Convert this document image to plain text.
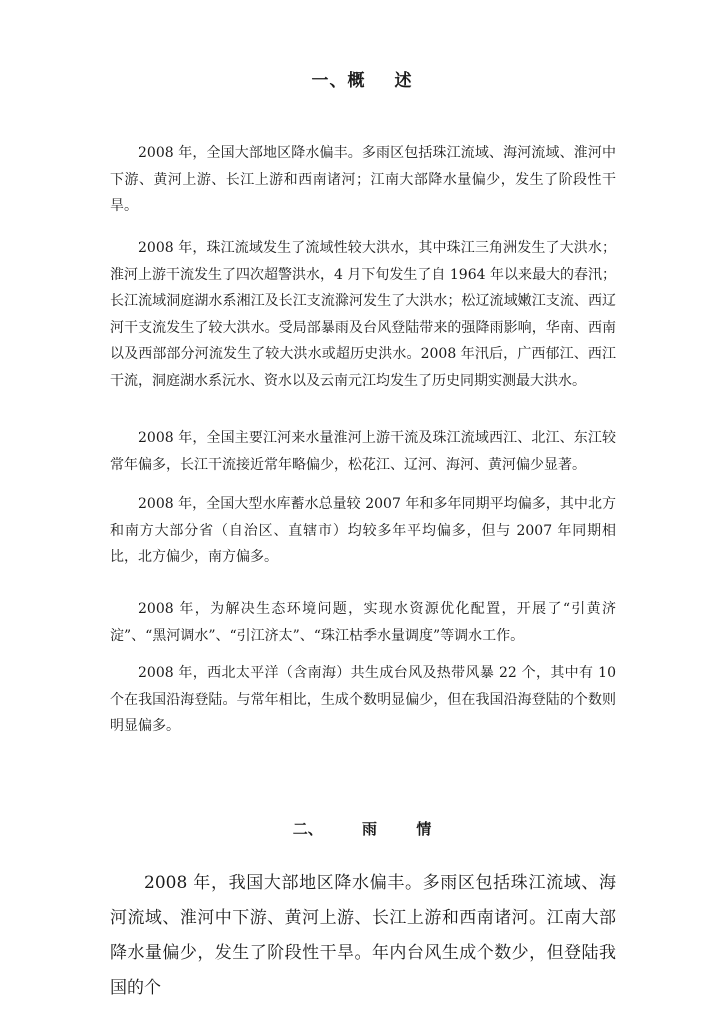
一、概 述

2008 年，全国大部地区降水偏丰。多雨区包括珠江流域、海河流域、淮河中下游、黄河上游、长江上游和西南诸河；江南大部降水量偏少，发生了阶段性干旱。

2008 年，珠江流域发生了流域性较大洪水，其中珠江三角洲发生了大洪水；淮河上游干流发生了四次超警洪水，4 月下旬发生了自 1964 年以来最大的春汛；长江流域洞庭湖水系湘江及长江支流滁河发生了大洪水；松辽流域嫩江支流、西辽河干支流发生了较大洪水。受局部暴雨及台风登陆带来的强降雨影响，华南、西南以及西部部分河流发生了较大洪水或超历史洪水。2008 年汛后，广西郁江、西江干流，洞庭湖水系沅水、资水以及云南元江均发生了历史同期实测最大洪水。

2008 年，全国主要江河来水量淮河上游干流及珠江流域西江、北江、东江较常年偏多，长江干流接近常年略偏少，松花江、辽河、海河、黄河偏少显著。

2008 年，全国大型水库蓄水总量较 2007 年和多年同期平均偏多，其中北方和南方大部分省（自治区、直辖市）均较多年平均偏多，但与 2007 年同期相比，北方偏少，南方偏多。

2008 年，为解决生态环境问题，实现水资源优化配置，开展了“引黄济淀”、“黑河调水”、“引江济太”、“珠江枯季水量调度”等调水工作。

2008 年，西北太平洋（含南海）共生成台风及热带风暴 22 个，其中有 10 个在我国沿海登陆。与常年相比，生成个数明显偏少，但在我国沿海登陆的个数则明显偏多。

二、 雨 情

2008 年，我国大部地区降水偏丰。多雨区包括珠江流域、海河流域、淮河中下游、黄河上游、长江上游和西南诸河。江南大部降水量偏少，发生了阶段性干旱。年内台风生成个数少，但登陆我国的个
